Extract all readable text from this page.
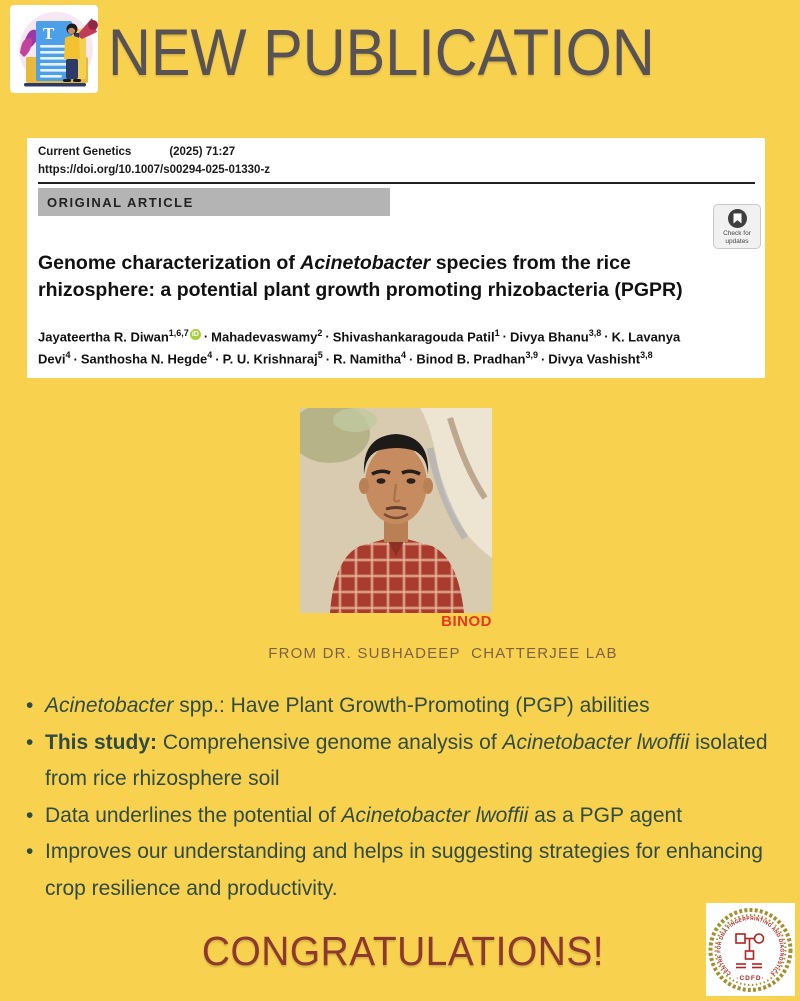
T NEW PUBLICATION
Current Genetics	(2025) 71:27
https://doi.org/10.1007/s00294-025-01330-z
ORIGINAL ARTICLE
Check for updates
Genome characterization of Acinetobacter species from the rice rhizosphere: a potential plant growth promoting rhizobacteria (PGPR)
Jayateertha R. Diwan$^{1,6,7}$ iD · Mahadevaswamy$^2$ · Shivashankaragouda Patil$^1$ · Divya Bhanu$^{3,8}$ · K. Lavanya Devi$^4$ · Santhosha N. Hegde$^4$ · P. U. Krishnaraj$^5$ · R. Namitha$^4$ · Binod B. Pradhan$^{3,9}$ · Divya Vashisht$^{3,8}$
BINOD
FROM DR. SUBHADEEP  CHATTERJEE LAB
• Acinetobacter spp.: Have Plant Growth-Promoting (PGP) abilities
• This study: Comprehensive genome analysis of Acinetobacter lwoffii isolated from rice rhizosphere soil
• Data underlines the potential of Acinetobacter lwoffii as a PGP agent
• Improves our understanding and helps in suggesting strategies for enhancing crop resilience and productivity.
CONGRATULATIONS!	CENTRE FOR DNA FINGERPRINTING AND DIAGNOSTICS
·CDFD·
